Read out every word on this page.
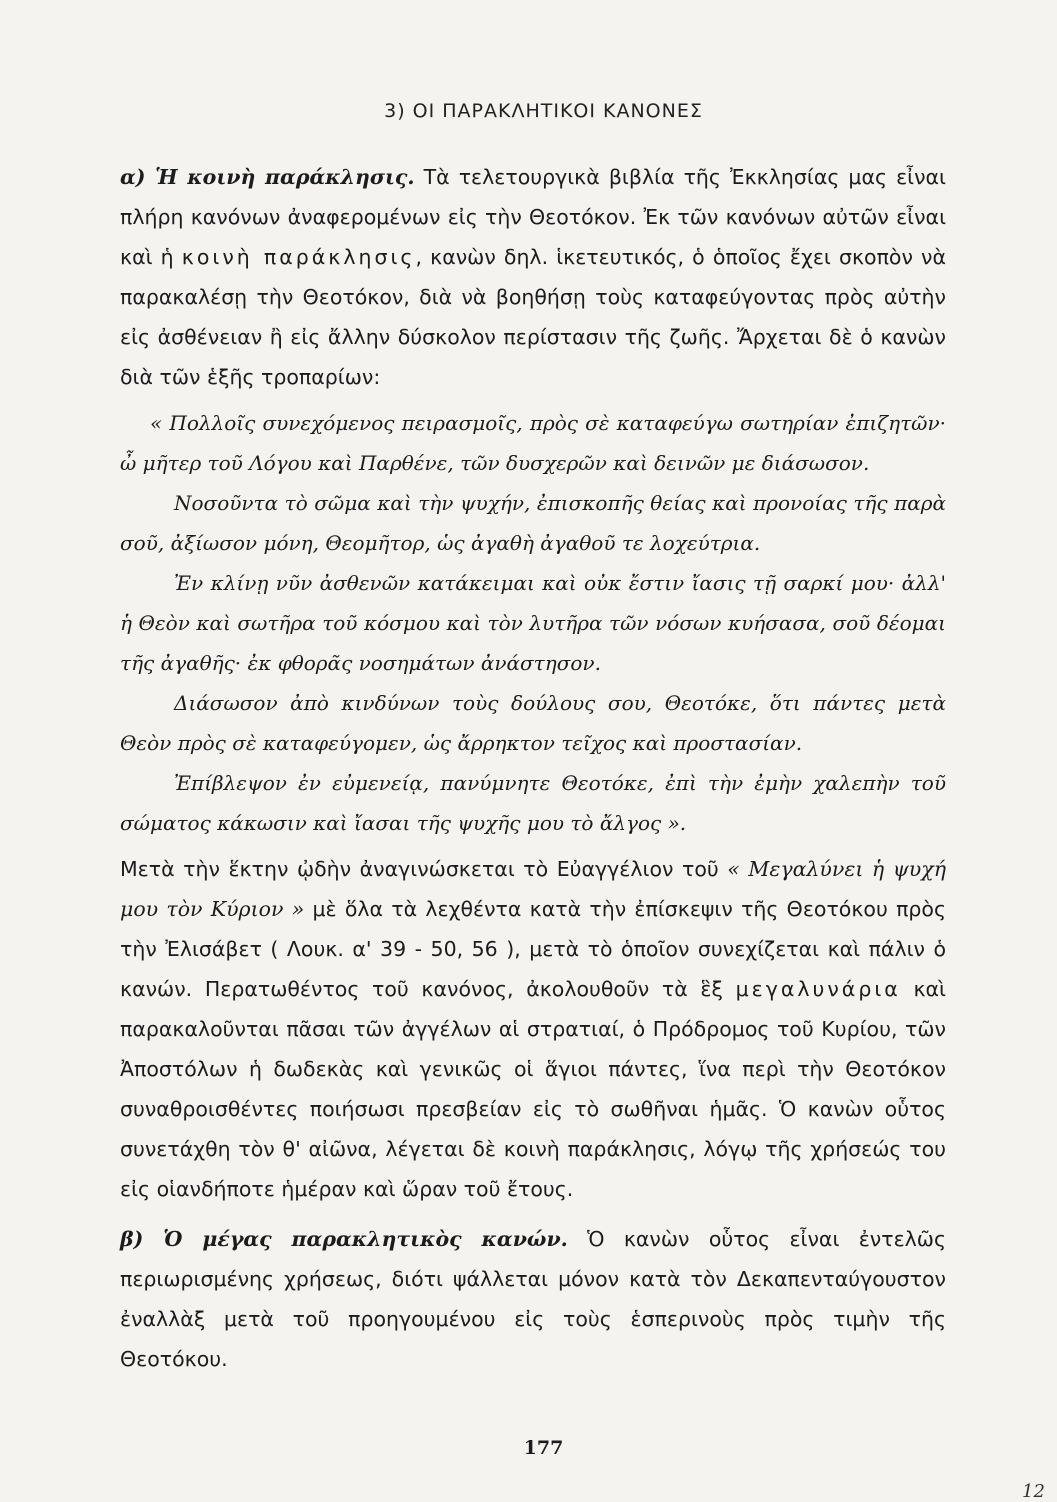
3) ΟΙ ΠΑΡΑΚΛΗΤΙΚΟΙ ΚΑΝΟΝΕΣ

α) Ἡ κοινὴ παράκλησις. Τὰ τελετουργικὰ βιβλία τῆς Ἐκκλησίας μας εἶναι πλήρη κανόνων ἀναφερομένων εἰς τὴν Θεοτόκον. Ἐκ τῶν κανόνων αὐτῶν εἶναι καὶ ἡ κοινὴ παράκλησις, κανὼν δηλ. ἱκετευτικός, ὁ ὁποῖος ἔχει σκοπὸν νὰ παρακαλέσῃ τὴν Θεοτόκον, διὰ νὰ βοηθήσῃ τοὺς καταφεύγοντας πρὸς αὐτὴν εἰς ἀσθένειαν ἢ εἰς ἄλλην δύσκολον περίστασιν τῆς ζωῆς. Ἄρχεται δὲ ὁ κανὼν διὰ τῶν ἑξῆς τροπαρίων:

« Πολλοῖς συνεχόμενος πειρασμοῖς, πρὸς σὲ καταφεύγω σωτηρίαν ἐπιζητῶν· ὦ μῆτερ τοῦ Λόγου καὶ Παρθένε, τῶν δυσχερῶν καὶ δεινῶν με διάσωσον.

Νοσοῦντα τὸ σῶμα καὶ τὴν ψυχήν, ἐπισκοπῆς θείας καὶ προνοίας τῆς παρὰ σοῦ, ἀξίωσον μόνη, Θεομῆτορ, ὡς ἀγαθὴ ἀγαθοῦ τε λοχεύτρια.

Ἐν κλίνῃ νῦν ἀσθενῶν κατάκειμαι καὶ οὐκ ἔστιν ἴασις τῇ σαρκί μου· ἀλλ' ἡ Θεὸν καὶ σωτῆρα τοῦ κόσμου καὶ τὸν λυτῆρα τῶν νόσων κυήσασα, σοῦ δέομαι τῆς ἀγαθῆς· ἐκ φθορᾶς νοσημάτων ἀνάστησον.

Διάσωσον ἀπὸ κινδύνων τοὺς δούλους σου, Θεοτόκε, ὅτι πάντες μετὰ Θεὸν πρὸς σὲ καταφεύγομεν, ὡς ἄρρηκτον τεῖχος καὶ προστασίαν.

Ἐπίβλεψον ἐν εὐμενείᾳ, πανύμνητε Θεοτόκε, ἐπὶ τὴν ἐμὴν χαλεπὴν τοῦ σώματος κάκωσιν καὶ ἴασαι τῆς ψυχῆς μου τὸ ἄλγος ».

Μετὰ τὴν ἕκτην ᾠδὴν ἀναγινώσκεται τὸ Εὐαγγέλιον τοῦ « Μεγαλύνει ἡ ψυχή μου τὸν Κύριον » μὲ ὅλα τὰ λεχθέντα κατὰ τὴν ἐπίσκεψιν τῆς Θεοτόκου πρὸς τὴν Ἐλισάβετ ( Λουκ. α' 39 - 50, 56 ), μετὰ τὸ ὁποῖον συνεχίζεται καὶ πάλιν ὁ κανών. Περατωθέντος τοῦ κανόνος, ἀκολουθοῦν τὰ ἓξ μεγαλυνάρια καὶ παρακαλοῦνται πᾶσαι τῶν ἀγγέλων αἱ στρατιαί, ὁ Πρόδρομος τοῦ Κυρίου, τῶν Ἀποστόλων ἡ δωδεκὰς καὶ γενικῶς οἱ ἅγιοι πάντες, ἵνα περὶ τὴν Θεοτόκον συναθροισθέντες ποιήσωσι πρεσβείαν εἰς τὸ σωθῆναι ἡμᾶς. Ὁ κανὼν οὗτος συνετάχθη τὸν θ' αἰῶνα, λέγεται δὲ κοινὴ παράκλησις, λόγῳ τῆς χρήσεώς του εἰς οἱανδήποτε ἡμέραν καὶ ὥραν τοῦ ἔτους.

β) Ὁ μέγας παρακλητικὸς κανών. Ὁ κανὼν οὗτος εἶναι ἐντελῶς περιωρισμένης χρήσεως, διότι ψάλλεται μόνον κατὰ τὸν Δεκαπενταύγουστον ἐναλλὰξ μετὰ τοῦ προηγουμένου εἰς τοὺς ἑσπερινοὺς πρὸς τιμὴν τῆς Θεοτόκου.

177
12
